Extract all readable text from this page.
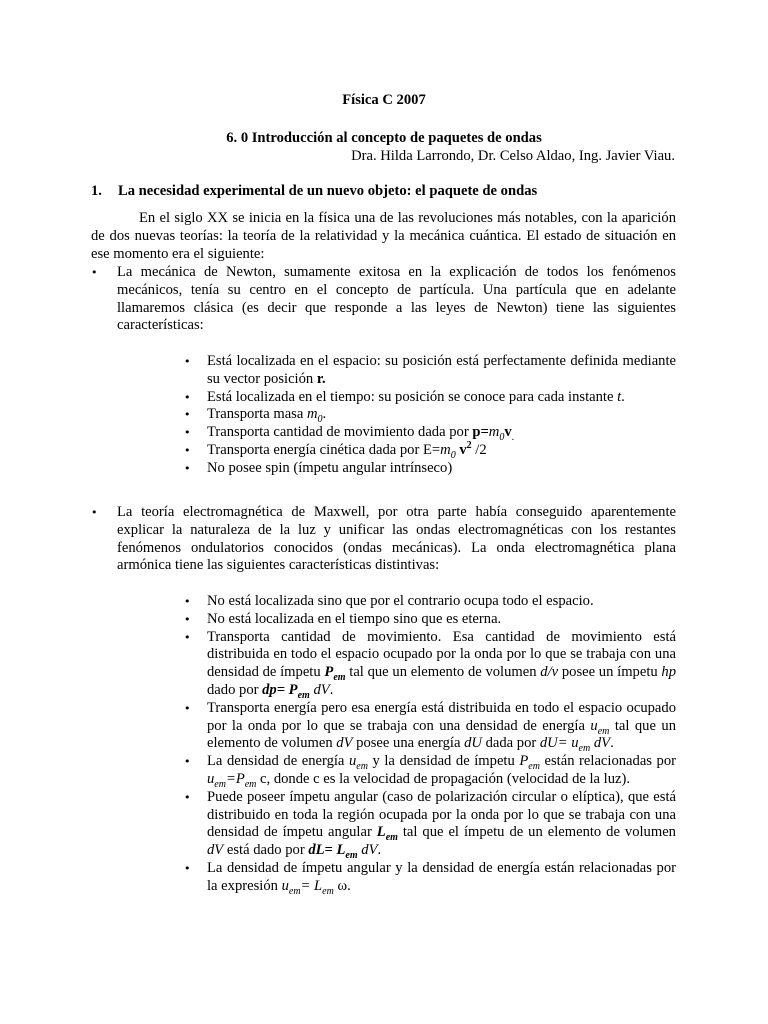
Física C 2007
6. 0 Introducción al concepto de paquetes de ondas
Dra. Hilda Larrondo, Dr. Celso Aldao, Ing. Javier Viau.
1. La necesidad experimental de un nuevo objeto: el paquete de ondas
En el siglo XX se inicia en la física una de las revoluciones más notables, con la aparición de dos nuevas teorías: la teoría de la relatividad y la mecánica cuántica. El estado de situación en ese momento era el siguiente:
• La mecánica de Newton, sumamente exitosa en la explicación de todos los fenómenos mecánicos, tenía su centro en el concepto de partícula. Una partícula que en adelante llamaremos clásica (es decir que responde a las leyes de Newton) tiene las siguientes características:
• Está localizada en el espacio: su posición está perfectamente definida mediante su vector posición r.
• Está localizada en el tiempo: su posición se conoce para cada instante t.
• Transporta masa $m_0$.
• Transporta cantidad de movimiento dada por $p=m_0v_.$
• Transporta energía cinética dada por $E=m_0$ $v^2$ /2
• No posee spin (ímpetu angular intrínseco)
• La teoría electromagnética de Maxwell, por otra parte había conseguido aparentemente explicar la naturaleza de la luz y unificar las ondas electromagnéticas con los restantes fenómenos ondulatorios conocidos (ondas mecánicas). La onda electromagnética plana armónica tiene las siguientes características distintivas:
• No está localizada sino que por el contrario ocupa todo el espacio.
• No está localizada en el tiempo sino que es eterna.
• Transporta cantidad de movimiento. Esa cantidad de movimiento está distribuida en todo el espacio ocupado por la onda por lo que se trabaja con una densidad de ímpetu $P_{em}$ tal que un elemento de volumen d/v posee un ímpetu hp dado por $dp= P_{em}$ dV.
• Transporta energía pero esa energía está distribuida en todo el espacio ocupado por la onda por lo que se trabaja con una densidad de energía $u_{em}$ tal que un elemento de volumen dV posee una energía dU dada por $dU= u_{em}$ dV.
• La densidad de energía $u_{em}$ y la densidad de ímpetu $P_{em}$ están relacionadas por $u_{em}=P_{em}$ c, donde c es la velocidad de propagación (velocidad de la luz).
• Puede poseer ímpetu angular (caso de polarización circular o elíptica), que está distribuido en toda la región ocupada por la onda por lo que se trabaja con una densidad de ímpetu angular $L_{em}$ tal que el ímpetu de un elemento de volumen dV está dado por $dL= L_{em}$ dV.
• La densidad de ímpetu angular y la densidad de energía están relacionadas por la expresión $u_{em}= L_{em}$ ω.
